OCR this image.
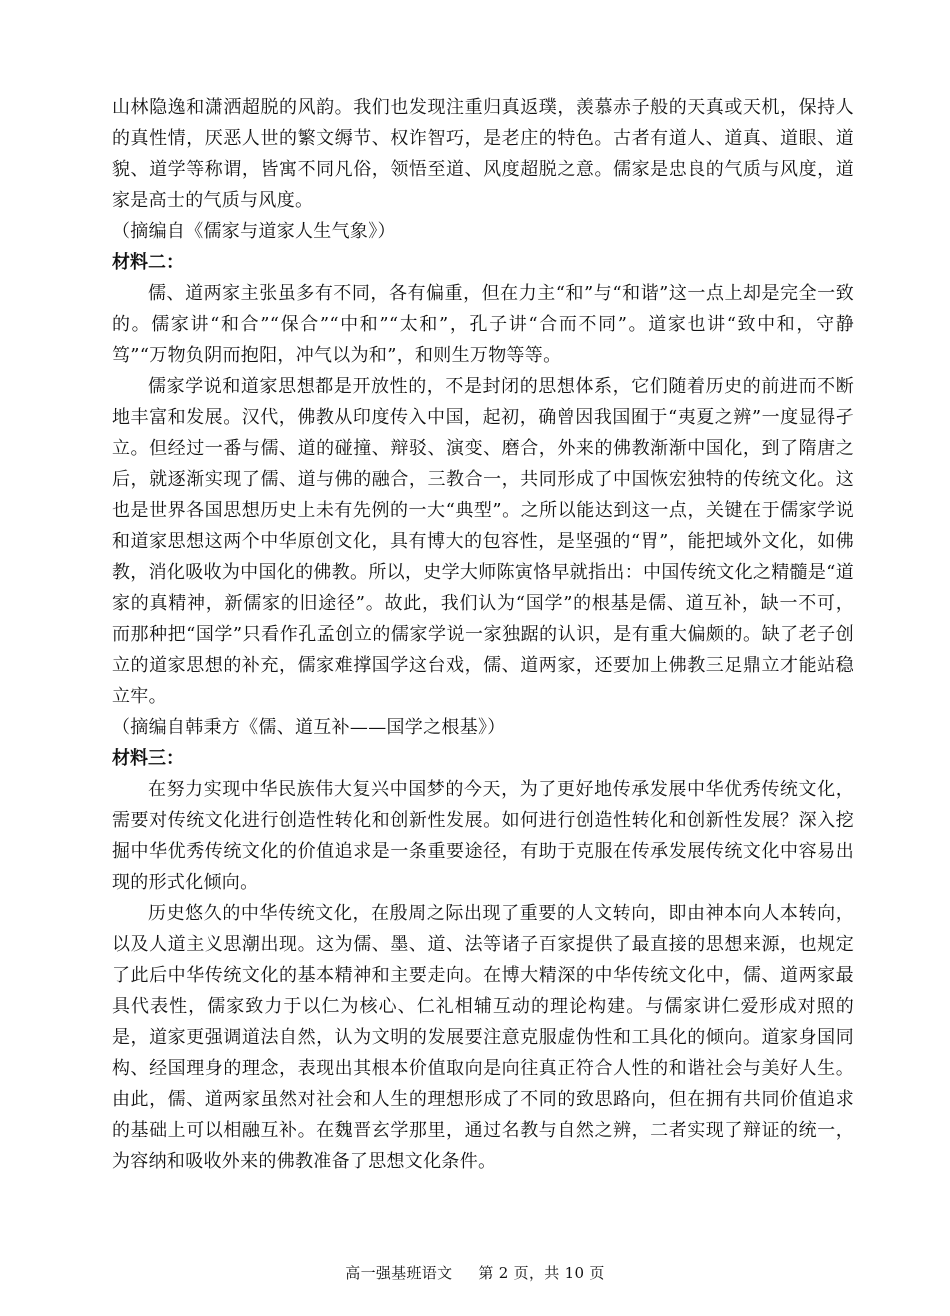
山林隐逸和潇洒超脱的风韵。我们也发现注重归真返璞，羡慕赤子般的天真或天机，保持人的真性情，厌恶人世的繁文缛节、权诈智巧，是老庄的特色。古者有道人、道真、道眼、道貌、道学等称谓，皆寓不同凡俗，领悟至道、风度超脱之意。儒家是忠良的气质与风度，道家是高士的气质与风度。

（摘编自《儒家与道家人生气象》）

材料二：

儒、道两家主张虽多有不同，各有偏重，但在力主“和”与“和谐”这一点上却是完全一致的。儒家讲“和合”“保合”“中和”“太和”，孔子讲“合而不同”。道家也讲“致中和，守静笃”“万物负阴而抱阳，冲气以为和”，和则生万物等等。

儒家学说和道家思想都是开放性的，不是封闭的思想体系，它们随着历史的前进而不断地丰富和发展。汉代，佛教从印度传入中国，起初，确曾因我国囿于“夷夏之辨”一度显得孑立。但经过一番与儒、道的碰撞、辩驳、演变、磨合，外来的佛教渐渐中国化，到了隋唐之后，就逐渐实现了儒、道与佛的融合，三教合一，共同形成了中国恢宏独特的传统文化。这也是世界各国思想历史上未有先例的一大“典型”。之所以能达到这一点，关键在于儒家学说和道家思想这两个中华原创文化，具有博大的包容性，是坚强的“胃”，能把域外文化，如佛教，消化吸收为中国化的佛教。所以，史学大师陈寅恪早就指出：中国传统文化之精髓是“道家的真精神，新儒家的旧途径”。故此，我们认为“国学”的根基是儒、道互补，缺一不可，而那种把“国学”只看作孔孟创立的儒家学说一家独踞的认识，是有重大偏颇的。缺了老子创立的道家思想的补充，儒家难撑国学这台戏，儒、道两家，还要加上佛教三足鼎立才能站稳立牢。

（摘编自韩秉方《儒、道互补——国学之根基》）

材料三：

在努力实现中华民族伟大复兴中国梦的今天，为了更好地传承发展中华优秀传统文化，需要对传统文化进行创造性转化和创新性发展。如何进行创造性转化和创新性发展？深入挖掘中华优秀传统文化的价值追求是一条重要途径，有助于克服在传承发展传统文化中容易出现的形式化倾向。

历史悠久的中华传统文化，在殷周之际出现了重要的人文转向，即由神本向人本转向，以及人道主义思潮出现。这为儒、墨、道、法等诸子百家提供了最直接的思想来源，也规定了此后中华传统文化的基本精神和主要走向。在博大精深的中华传统文化中，儒、道两家最具代表性，儒家致力于以仁为核心、仁礼相辅互动的理论构建。与儒家讲仁爱形成对照的是，道家更强调道法自然，认为文明的发展要注意克服虚伪性和工具化的倾向。道家身国同构、经国理身的理念，表现出其根本价值取向是向往真正符合人性的和谐社会与美好人生。由此，儒、道两家虽然对社会和人生的理想形成了不同的致思路向，但在拥有共同价值追求的基础上可以相融互补。在魏晋玄学那里，通过名教与自然之辨，二者实现了辩证的统一，为容纳和吸收外来的佛教准备了思想文化条件。

高一强基班语文 第 2 页，共 10 页
